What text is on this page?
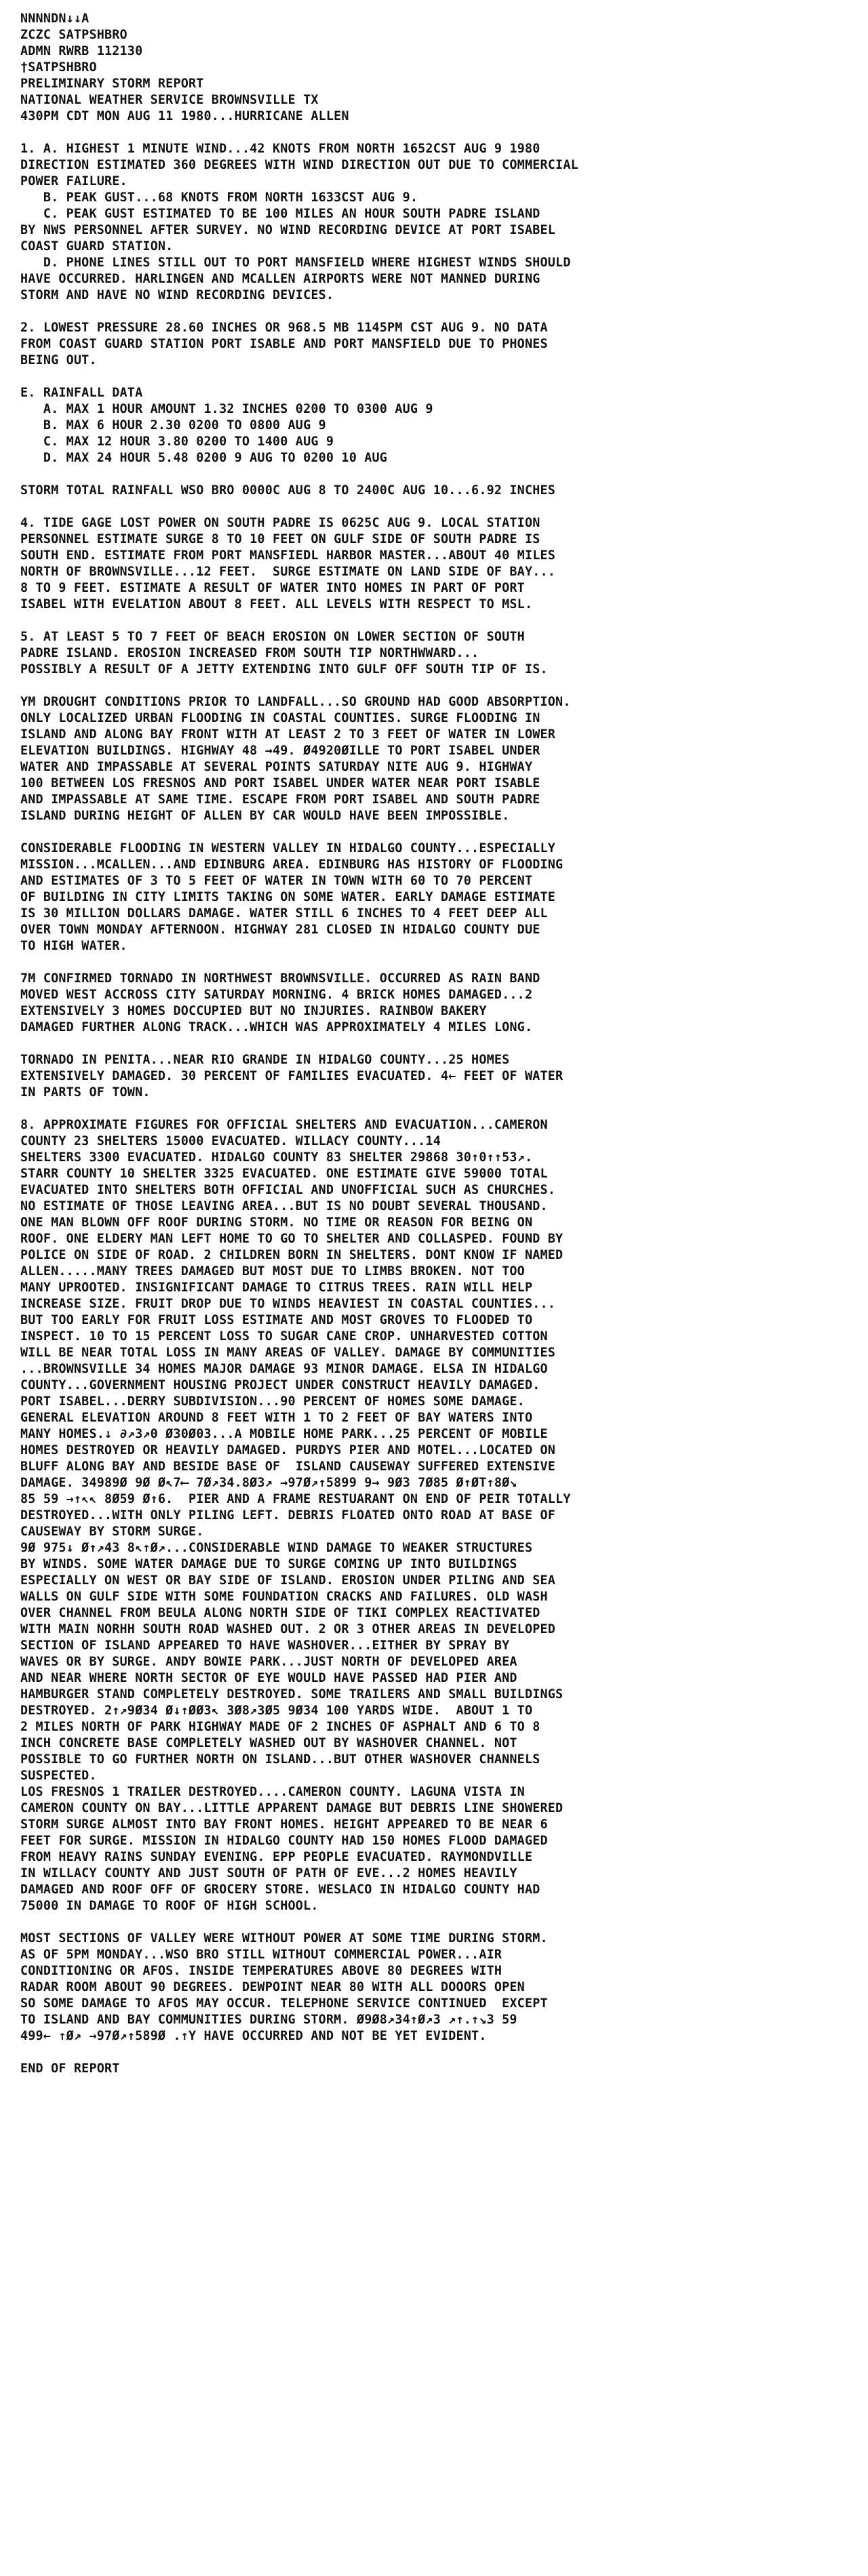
NNNNDN↓↓A
ZCZC SATPSHBRO
ADMN RWRB 112130
†SATPSHBRO
PRELIMINARY STORM REPORT
NATIONAL WEATHER SERVICE BROWNSVILLE TX
430PM CDT MON AUG 11 1980...HURRICANE ALLEN
1. A. HIGHEST 1 MINUTE WIND...42 KNOTS FROM NORTH 1652CST AUG 9 1980
DIRECTION ESTIMATED 360 DEGREES WITH WIND DIRECTION OUT DUE TO COMMERCIAL
POWER FAILURE.
B. PEAK GUST...68 KNOTS FROM NORTH 1633CST AUG 9.
C. PEAK GUST ESTIMATED TO BE 100 MILES AN HOUR SOUTH PADRE ISLAND
BY NWS PERSONNEL AFTER SURVEY. NO WIND RECORDING DEVICE AT PORT ISABEL
COAST GUARD STATION.
D. PHONE LINES STILL OUT TO PORT MANSFIELD WHERE HIGHEST WINDS SHOULD
HAVE OCCURRED. HARLINGEN AND MCALLEN AIRPORTS WERE NOT MANNED DURING
STORM AND HAVE NO WIND RECORDING DEVICES.
2. LOWEST PRESSURE 28.60 INCHES OR 968.5 MB 1145PM CST AUG 9. NO DATA
FROM COAST GUARD STATION PORT ISABLE AND PORT MANSFIELD DUE TO PHONES
BEING OUT.
E. RAINFALL DATA
A. MAX 1 HOUR AMOUNT 1.32 INCHES 0200 TO 0300 AUG 9
B. MAX 6 HOUR 2.30 0200 TO 0800 AUG 9
C. MAX 12 HOUR 3.80 0200 TO 1400 AUG 9
D. MAX 24 HOUR 5.48 0200 9 AUG TO 0200 10 AUG
STORM TOTAL RAINFALL WSO BRO 0000C AUG 8 TO 2400C AUG 10...6.92 INCHES
4. TIDE GAGE LOST POWER ON SOUTH PADRE IS 0625C AUG 9. LOCAL STATION
PERSONNEL ESTIMATE SURGE 8 TO 10 FEET ON GULF SIDE OF SOUTH PADRE IS
SOUTH END. ESTIMATE FROM PORT MANSFIEDL HARBOR MASTER...ABOUT 40 MILES
NORTH OF BROWNSVILLE...12 FEET.  SURGE ESTIMATE ON LAND SIDE OF BAY...
8 TO 9 FEET. ESTIMATE A RESULT OF WATER INTO HOMES IN PART OF PORT
ISABEL WITH EVELATION ABOUT 8 FEET. ALL LEVELS WITH RESPECT TO MSL.
5. AT LEAST 5 TO 7 FEET OF BEACH EROSION ON LOWER SECTION OF SOUTH
PADRE ISLAND. EROSION INCREASED FROM SOUTH TIP NORTHWWARD...
POSSIBLY A RESULT OF A JETTY EXTENDING INTO GULF OFF SOUTH TIP OF IS.
YM DROUGHT CONDITIONS PRIOR TO LANDFALL...SO GROUND HAD GOOD ABSORPTION.
ONLY LOCALIZED URBAN FLOODING IN COASTAL COUNTIES. SURGE FLOODING IN
ISLAND AND ALONG BAY FRONT WITH AT LEAST 2 TO 3 FEET OF WATER IN LOWER
ELEVATION BUILDINGS. HIGHWAY 48 →49. Ø4920ØILLE TO PORT ISABEL UNDER
WATER AND IMPASSABLE AT SEVERAL POINTS SATURDAY NITE AUG 9. HIGHWAY
100 BETWEEN LOS FRESNOS AND PORT ISABEL UNDER WATER NEAR PORT ISABLE
AND IMPASSABLE AT SAME TIME. ESCAPE FROM PORT ISABEL AND SOUTH PADRE
ISLAND DURING HEIGHT OF ALLEN BY CAR WOULD HAVE BEEN IMPOSSIBLE.
CONSIDERABLE FLOODING IN WESTERN VALLEY IN HIDALGO COUNTY...ESPECIALLY
MISSION...MCALLEN...AND EDINBURG AREA. EDINBURG HAS HISTORY OF FLOODING
AND ESTIMATES OF 3 TO 5 FEET OF WATER IN TOWN WITH 60 TO 70 PERCENT
OF BUILDING IN CITY LIMITS TAKING ON SOME WATER. EARLY DAMAGE ESTIMATE
IS 30 MILLION DOLLARS DAMAGE. WATER STILL 6 INCHES TO 4 FEET DEEP ALL
OVER TOWN MONDAY AFTERNOON. HIGHWAY 281 CLOSED IN HIDALGO COUNTY DUE
TO HIGH WATER.
7M CONFIRMED TORNADO IN NORTHWEST BROWNSVILLE. OCCURRED AS RAIN BAND
MOVED WEST ACCROSS CITY SATURDAY MORNING. 4 BRICK HOMES DAMAGED...2
EXTENSIVELY 3 HOMES DOCCUPIED BUT NO INJURIES. RAINBOW BAKERY
DAMAGED FURTHER ALONG TRACK...WHICH WAS APPROXIMATELY 4 MILES LONG.
TORNADO IN PENITA...NEAR RIO GRANDE IN HIDALGO COUNTY...25 HOMES
EXTENSIVELY DAMAGED. 30 PERCENT OF FAMILIES EVACUATED. 4← FEET OF WATER
IN PARTS OF TOWN.
8. APPROXIMATE FIGURES FOR OFFICIAL SHELTERS AND EVACUATION...CAMERON
COUNTY 23 SHELTERS 15000 EVACUATED. WILLACY COUNTY...14
SHELTERS 3300 EVACUATED. HIDALGO COUNTY 83 SHELTER 29868 30↑0↑↑53↗.
STARR COUNTY 10 SHELTER 3325 EVACUATED. ONE ESTIMATE GIVE 59000 TOTAL
EVACUATED INTO SHELTERS BOTH OFFICIAL AND UNOFFICIAL SUCH AS CHURCHES.
NO ESTIMATE OF THOSE LEAVING AREA...BUT IS NO DOUBT SEVERAL THOUSAND.
ONE MAN BLOWN OFF ROOF DURING STORM. NO TIME OR REASON FOR BEING ON
ROOF. ONE ELDERY MAN LEFT HOME TO GO TO SHELTER AND COLLASPED. FOUND BY
POLICE ON SIDE OF ROAD. 2 CHILDREN BORN IN SHELTERS. DONT KNOW IF NAMED
ALLEN.....MANY TREES DAMAGED BUT MOST DUE TO LIMBS BROKEN. NOT TOO
MANY UPROOTED. INSIGNIFICANT DAMAGE TO CITRUS TREES. RAIN WILL HELP
INCREASE SIZE. FRUIT DROP DUE TO WINDS HEAVIEST IN COASTAL COUNTIES...
BUT TOO EARLY FOR FRUIT LOSS ESTIMATE AND MOST GROVES TO FLOODED TO
INSPECT. 10 TO 15 PERCENT LOSS TO SUGAR CANE CROP. UNHARVESTED COTTON
WILL BE NEAR TOTAL LOSS IN MANY AREAS OF VALLEY. DAMAGE BY COMMUNITIES
...BROWNSVILLE 34 HOMES MAJOR DAMAGE 93 MINOR DAMAGE. ELSA IN HIDALGO
COUNTY...GOVERNMENT HOUSING PROJECT UNDER CONSTRUCT HEAVILY DAMAGED.
PORT ISABEL...DERRY SUBDIVISION...90 PERCENT OF HOMES SOME DAMAGE.
GENERAL ELEVATION AROUND 8 FEET WITH 1 TO 2 FEET OF BAY WATERS INTO
MANY HOMES.↓ ∂↗3↗0 Ø30Ø03...A MOBILE HOME PARK...25 PERCENT OF MOBILE
HOMES DESTROYED OR HEAVILY DAMAGED. PURDYS PIER AND MOTEL...LOCATED ON
BLUFF ALONG BAY AND BESIDE BASE OF  ISLAND CAUSEWAY SUFFERED EXTENSIVE
DAMAGE. 34989Ø 9Ø Ø↖7⟵ 7Ø↗34.8Ø3↗ →97Ø↗↑5899 9→ 9Ø3 7Ø85 Ø↑ØT↑8Ø↘
85 59 →↑↖↖ 8Ø59 Ø↑6.  PIER AND A FRAME RESTUARANT ON END OF PEIR TOTALLY
DESTROYED...WITH ONLY PILING LEFT. DEBRIS FLOATED ONTO ROAD AT BASE OF
CAUSEWAY BY STORM SURGE.
9Ø 975↓ Ø↑↗43 8↖↑Ø↗...CONSIDERABLE WIND DAMAGE TO WEAKER STRUCTURES
BY WINDS. SOME WATER DAMAGE DUE TO SURGE COMING UP INTO BUILDINGS
ESPECIALLY ON WEST OR BAY SIDE OF ISLAND. EROSION UNDER PILING AND SEA
WALLS ON GULF SIDE WITH SOME FOUNDATION CRACKS AND FAILURES. OLD WASH
OVER CHANNEL FROM BEULA ALONG NORTH SIDE OF TIKI COMPLEX REACTIVATED
WITH MAIN NORHH SOUTH ROAD WASHED OUT. 2 OR 3 OTHER AREAS IN DEVELOPED
SECTION OF ISLAND APPEARED TO HAVE WASHOVER...EITHER BY SPRAY BY
WAVES OR BY SURGE. ANDY BOWIE PARK...JUST NORTH OF DEVELOPED AREA
AND NEAR WHERE NORTH SECTOR OF EYE WOULD HAVE PASSED HAD PIER AND
HAMBURGER STAND COMPLETELY DESTROYED. SOME TRAILERS AND SMALL BUILDINGS
DESTROYED. 2↑↗9Ø34 Ø↓↑ØØ3↖ 3Ø8↗3Ø5 9Ø34 100 YARDS WIDE.  ABOUT 1 TO
2 MILES NORTH OF PARK HIGHWAY MADE OF 2 INCHES OF ASPHALT AND 6 TO 8
INCH CONCRETE BASE COMPLETELY WASHED OUT BY WASHOVER CHANNEL. NOT
POSSIBLE TO GO FURTHER NORTH ON ISLAND...BUT OTHER WASHOVER CHANNELS
SUSPECTED.
LOS FRESNOS 1 TRAILER DESTROYED....CAMERON COUNTY. LAGUNA VISTA IN
CAMERON COUNTY ON BAY...LITTLE APPARENT DAMAGE BUT DEBRIS LINE SHOWERED
STORM SURGE ALMOST INTO BAY FRONT HOMES. HEIGHT APPEARED TO BE NEAR 6
FEET FOR SURGE. MISSION IN HIDALGO COUNTY HAD 150 HOMES FLOOD DAMAGED
FROM HEAVY RAINS SUNDAY EVENING. EPP PEOPLE EVACUATED. RAYMONDVILLE
IN WILLACY COUNTY AND JUST SOUTH OF PATH OF EVE...2 HOMES HEAVILY
DAMAGED AND ROOF OFF OF GROCERY STORE. WESLACO IN HIDALGO COUNTY HAD
75000 IN DAMAGE TO ROOF OF HIGH SCHOOL.
MOST SECTIONS OF VALLEY WERE WITHOUT POWER AT SOME TIME DURING STORM.
AS OF 5PM MONDAY...WSO BRO STILL WITHOUT COMMERCIAL POWER...AIR
CONDITIONING OR AFOS. INSIDE TEMPERATURES ABOVE 80 DEGREES WITH
RADAR ROOM ABOUT 90 DEGREES. DEWPOINT NEAR 80 WITH ALL DOOORS OPEN
SO SOME DAMAGE TO AFOS MAY OCCUR. TELEPHONE SERVICE CONTINUED  EXCEPT
TO ISLAND AND BAY COMMUNITIES DURING STORM. Ø9Ø8↗34↑Ø↗3 ↗↑.↑↘3 59
499← ↑Ø↗ →97Ø↗↑589Ø .↑Y HAVE OCCURRED AND NOT BE YET EVIDENT.
END OF REPORT
